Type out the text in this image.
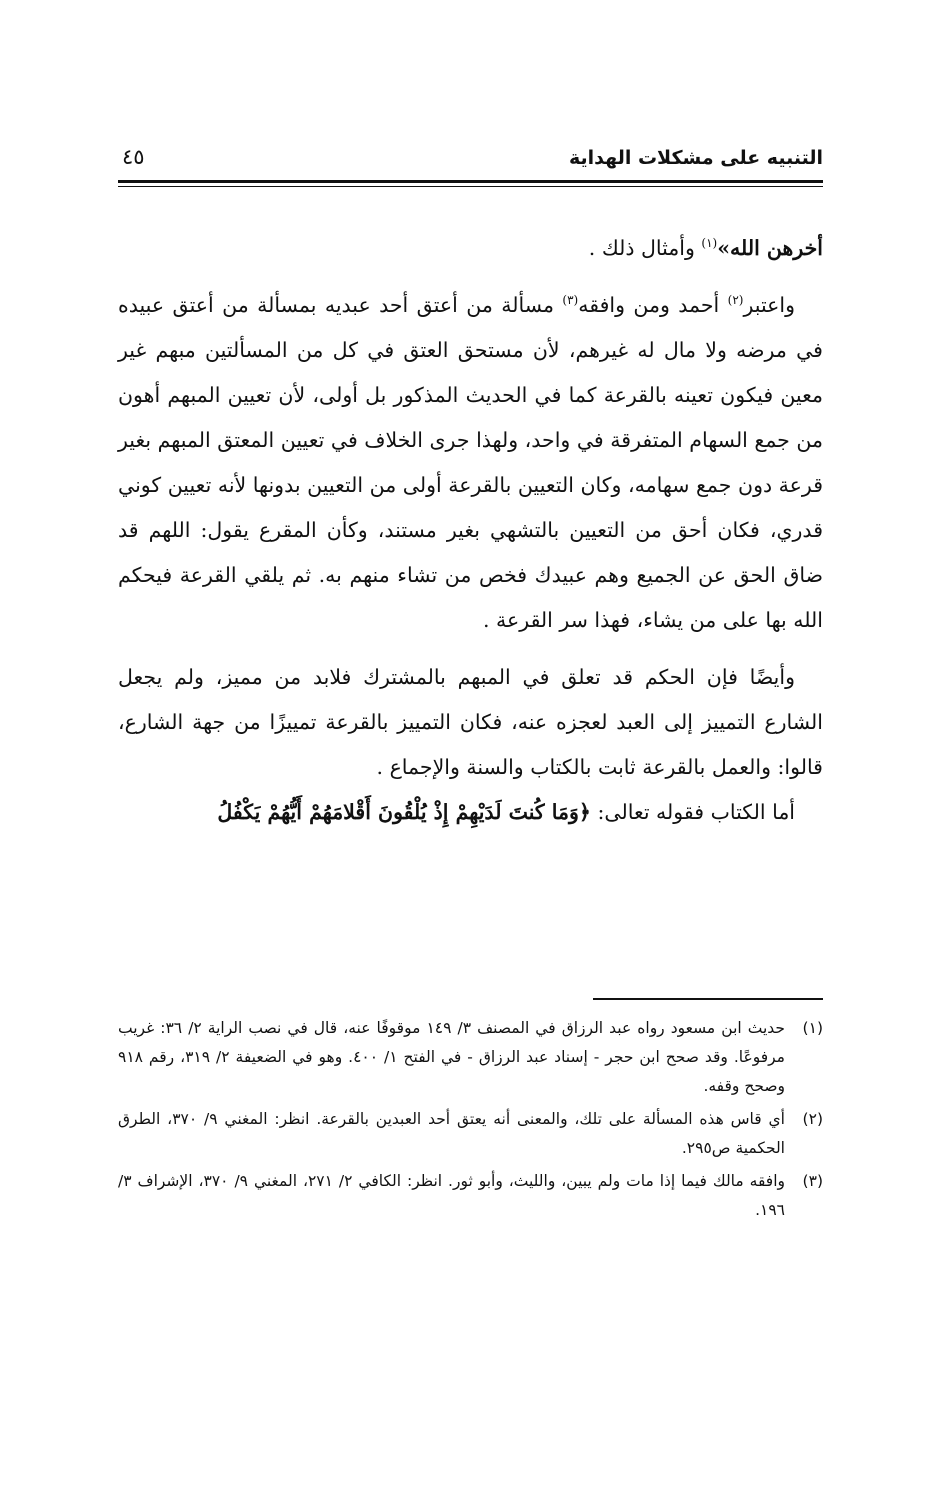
التنبيه على مشكلات الهداية
٤٥

أخرهن الله»$^{(١)}$ وأمثال ذلك .

واعتبر$^{(٢)}$ أحمد ومن وافقه$^{(٣)}$ مسألة من أعتق أحد عبديه بمسألة من أعتق عبيده في مرضه ولا مال له غيرهم، لأن مستحق العتق في كل من المسألتين مبهم غير معين فيكون تعينه بالقرعة كما في الحديث المذكور بل أولى، لأن تعيين المبهم أهون من جمع السهام المتفرقة في واحد، ولهذا جرى الخلاف في تعيين المعتق المبهم بغير قرعة دون جمع سهامه، وكان التعيين بالقرعة أولى من التعيين بدونها لأنه تعيين كوني قدري، فكان أحق من التعيين بالتشهي بغير مستند، وكأن المقرع يقول: اللهم قد ضاق الحق عن الجميع وهم عبيدك فخص من تشاء منهم به. ثم يلقي القرعة فيحكم الله بها على من يشاء، فهذا سر القرعة .

وأيضًا فإن الحكم قد تعلق في المبهم بالمشترك فلابد من مميز، ولم يجعل الشارع التمييز إلى العبد لعجزه عنه، فكان التمييز بالقرعة تمييزًا من جهة الشارع، قالوا: والعمل بالقرعة ثابت بالكتاب والسنة والإجماع .

أما الكتاب فقوله تعالى: ﴿وَمَا كُنتَ لَدَيْهِمْ إِذْ يُلْقُونَ أَقْلامَهُمْ أَيُّهُمْ يَكْفُلُ

(١)
حديث ابن مسعود رواه عبد الرزاق في المصنف ٣/ ١٤٩ موقوفًا عنه، قال في نصب الراية ٢/ ٣٦: غريب مرفوعًا. وقد صحح ابن حجر - إسناد عبد الرزاق - في الفتح ١/ ٤٠٠. وهو في الضعيفة ٢/ ٣١٩، رقم ٩١٨ وصحح وقفه.
(٢)
أي قاس هذه المسألة على تلك، والمعنى أنه يعتق أحد العبدين بالقرعة. انظر: المغني ٩/ ٣٧٠، الطرق الحكمية ص٢٩٥.
(٣)
وافقه مالك فيما إذا مات ولم يبين، والليث، وأبو ثور. انظر: الكافي ٢/ ٢٧١، المغني ٩/ ٣٧٠، الإشراف ٣/ ١٩٦.
